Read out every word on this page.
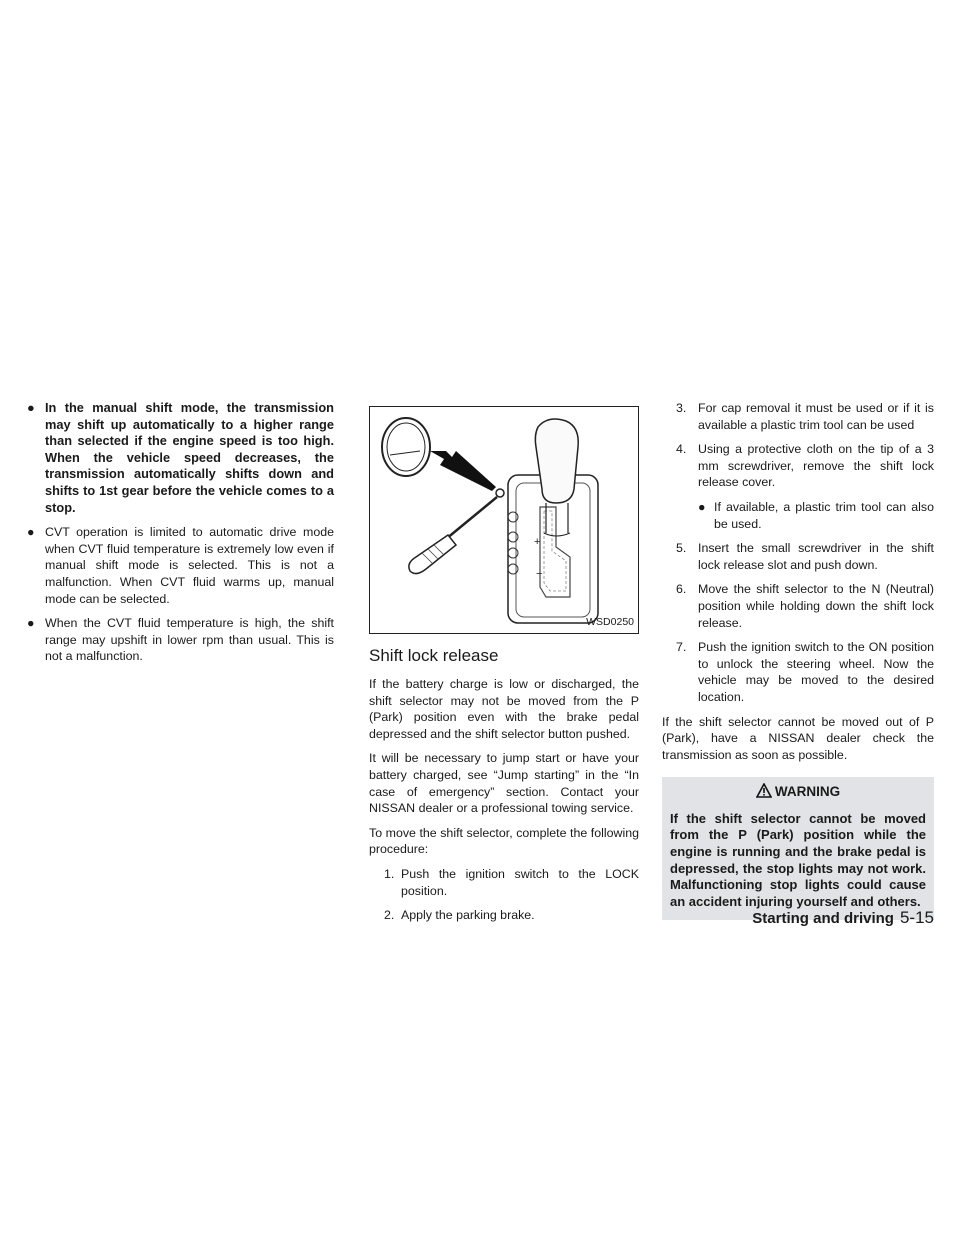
● In the manual shift mode, the transmission may shift up automatically to a higher range than selected if the engine speed is too high. When the vehicle speed decreases, the transmission automatically shifts down and shifts to 1st gear before the vehicle comes to a stop.
● CVT operation is limited to automatic drive mode when CVT fluid temperature is extremely low even if manual shift mode is selected. This is not a malfunction. When CVT fluid warms up, manual mode can be selected.
● When the CVT fluid temperature is high, the shift range may upshift in lower rpm than usual. This is not a malfunction.
+
−
WSD0250
Shift lock release

If the battery charge is low or discharged, the shift selector may not be moved from the P (Park) position even with the brake pedal depressed and the shift selector button pushed.

It will be necessary to jump start or have your battery charged, see “Jump starting” in the “In case of emergency” section. Contact your NISSAN dealer or a professional towing service.

To move the shift selector, complete the following procedure:

1. Push the ignition switch to the LOCK position.
2. Apply the parking brake.
3. For cap removal it must be used or if it is available a plastic trim tool can be used
4. Using a protective cloth on the tip of a 3 mm screwdriver, remove the shift lock release cover.
● If available, a plastic trim tool can also be used.
5. Insert the small screwdriver in the shift lock release slot and push down.
6. Move the shift selector to the N (Neutral) position while holding down the shift lock release.
7. Push the ignition switch to the ON position to unlock the steering wheel. Now the vehicle may be moved to the desired location.

If the shift selector cannot be moved out of P (Park), have a NISSAN dealer check the transmission as soon as possible.

WARNING
If the shift selector cannot be moved from the P (Park) position while the engine is running and the brake pedal is depressed, the stop lights may not work. Malfunctioning stop lights could cause an accident injuring yourself and others.
Starting and driving 5-15
